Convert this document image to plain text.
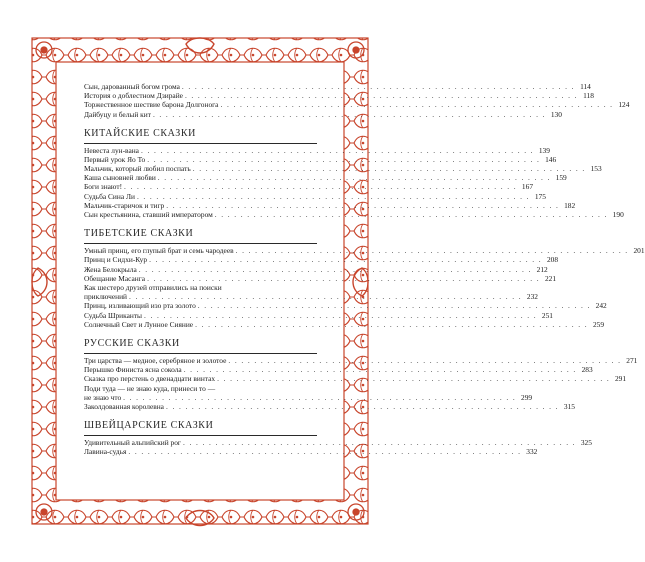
Сын, дарованный богом грома . . .	114
История о доблестном Дзирайе . . .	118
Торжественное шествие барона Долгонога . . .	124
Дайбуцу и белый кит . . .	130
КИТАЙСКИЕ СКАЗКИ
Невеста лун-вана . . .	139
Первый урок Яо То . . .	146
Мальчик, который любил поспать . . .	153
Каша сыновней любви . . .	159
Боги знают! . . .	167
Судьба Сина Ли . . .	175
Мальчик-старичок и тигр . . .	182
Сын крестьянина, ставший императором . . .	190
ТИБЕТСКИЕ СКАЗКИ
Умный принц, его глупый брат и семь чародеев . . .	201
Принц и Сидхи-Кур . . .	208
Жена Белокрыла . . .	212
Обещание Масанга . . .	221
Как шестеро друзей отправились на поиски
приключений . . .	232
Принц, изливающий изо рта золото . . .	242
Судьба Шриканты . . .	251
Солнечный Свет и Лунное Сияние . . .	259
РУССКИЕ СКАЗКИ
Три царства — медное, серебряное и золотое . . .	271
Перышко Финиста ясна сокола . . .	283
Сказка про перстень о двенадцати винтах . . .	291
Поди туда — не знаю куда, принеси то —
не знаю что . . .	299
Заколдованная королевна . . .	315
ШВЕЙЦАРСКИЕ СКАЗКИ
Удивительный альпийский рог . . .	325
Лавина-судья . . .	332
